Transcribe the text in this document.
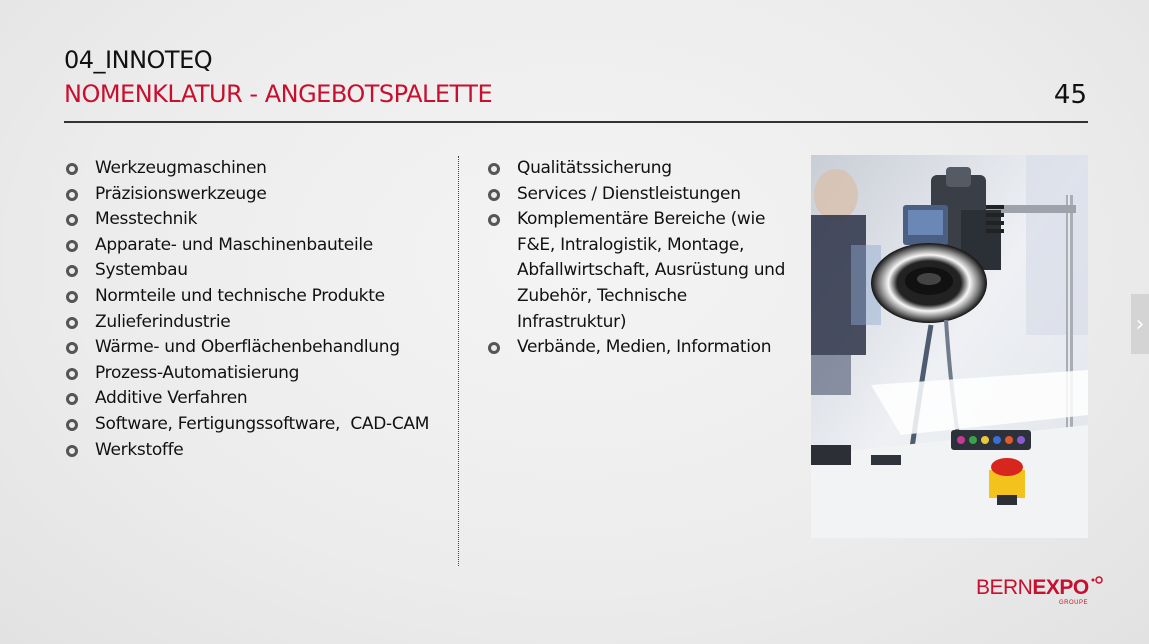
04_INNOTEQ
NOMENKLATUR - ANGEBOTSPALETTE	45
Werkzeugmaschinen
Präzisionswerkzeuge
Messtechnik
Apparate- und Maschinenbauteile
Systembau
Normteile und technische Produkte
Zulieferindustrie
Wärme- und Oberflächenbehandlung
Prozess-Automatisierung
Additive Verfahren
Software, Fertigungssoftware,  CAD-CAM
Werkstoffe
Qualitätssicherung
Services / Dienstleistungen
Komplementäre Bereiche (wie F&E, Intralogistik, Montage, Abfallwirtschaft, Ausrüstung und Zubehör, Technische Infrastruktur)
Verbände, Medien, Information
›
BERNEXPO
GROUPE
